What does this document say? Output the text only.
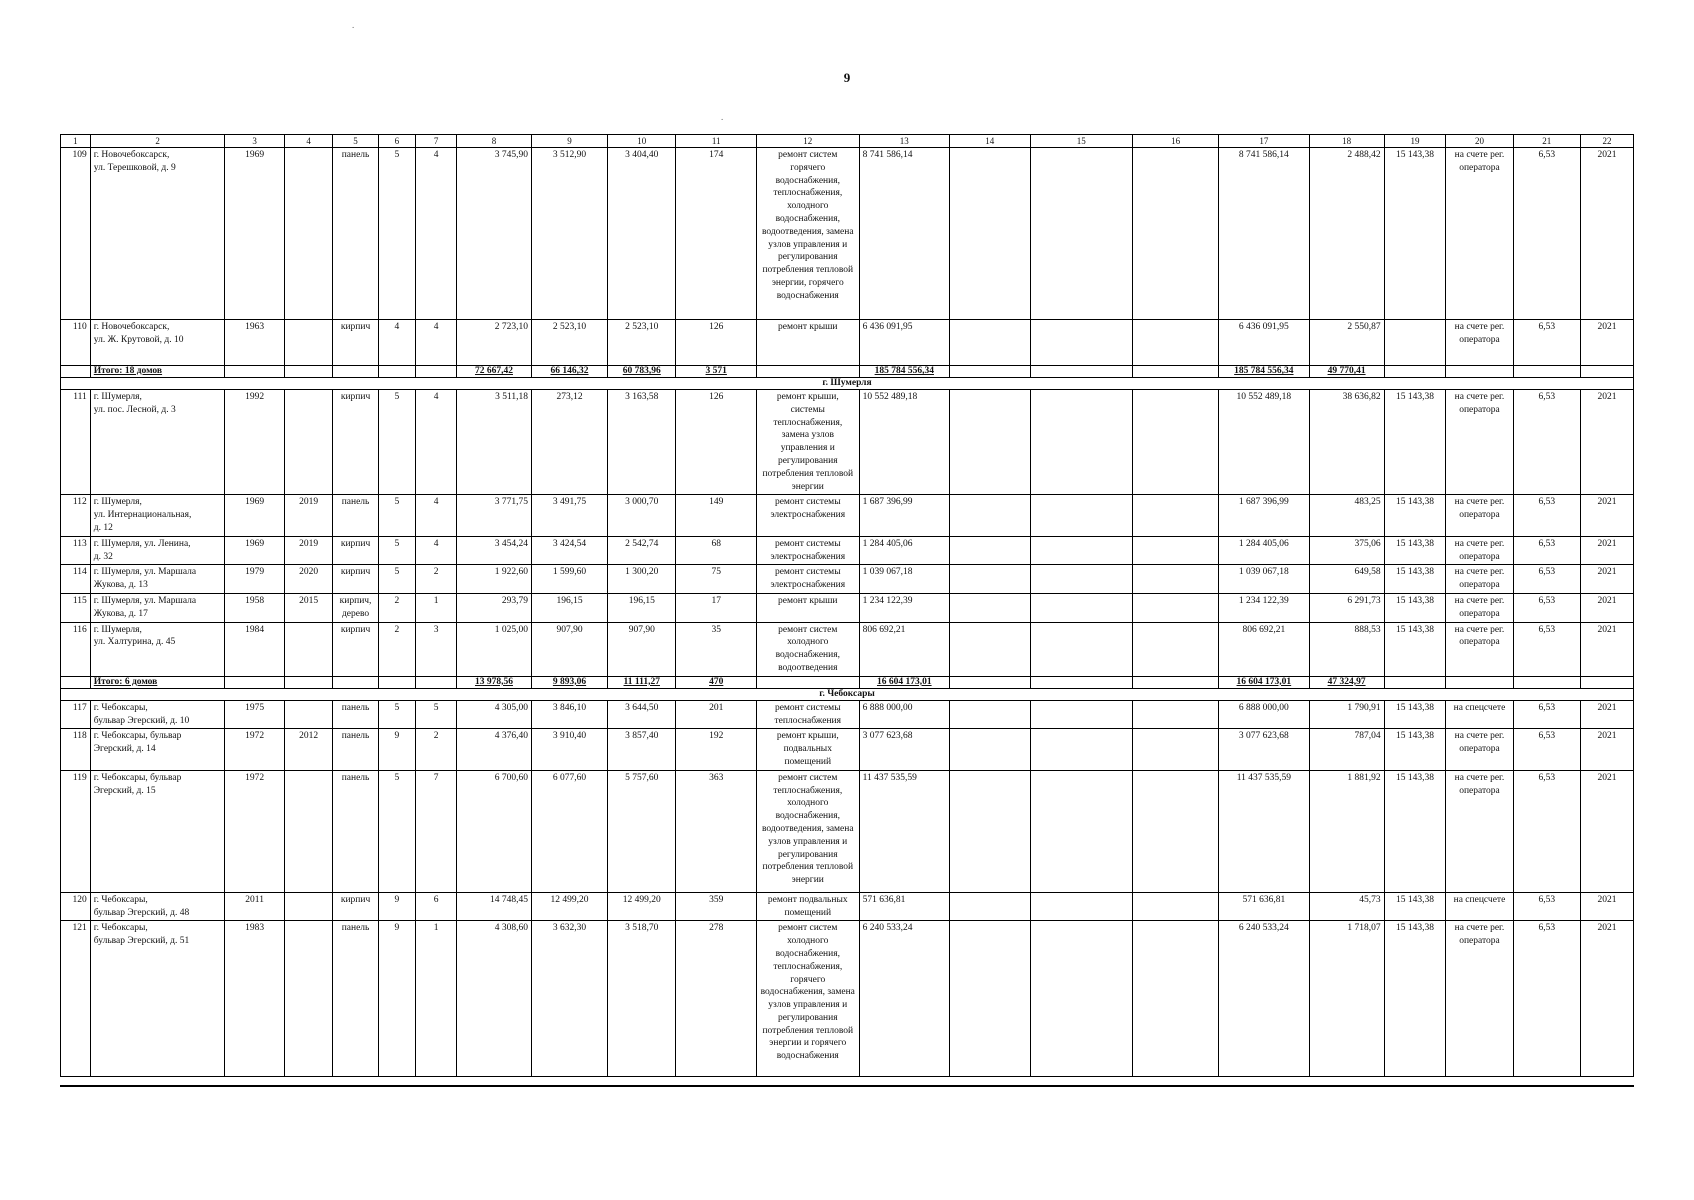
.
.
9
1	2	3	4	5	6	7	8	9	10	11	12	13	14	15	16	17	18	19	20	21	22
109	г. Новочебоксарск,
ул. Терешковой, д. 9	1969		панель	5	4	3 745,90	3 512,90	3 404,40	174	ремонт систем горячего водоснабжения, теплоснабжения, холодного водоснабжения, водоотведения, замена узлов управления и регулирования потребления тепловой энергии, горячего водоснабжения	8 741 586,14				8 741 586,14	2 488,42	15 143,38	на счете рег. оператора	6,53	2021
110	г. Новочебоксарск,
ул. Ж. Крутовой, д. 10	1963		кирпич	4	4	2 723,10	2 523,10	2 523,10	126	ремонт крыши	6 436 091,95				6 436 091,95	2 550,87		на счете рег. оператора	6,53	2021
	Итого: 18 домов						72 667,42	66 146,32	60 783,96	3 571		185 784 556,34				185 784 556,34	49 770,41				
г. Шумерля																					
111	г. Шумерля,
ул. пос. Лесной, д. 3	1992		кирпич	5	4	3 511,18	273,12	3 163,58	126	ремонт крыши, системы теплоснабжения, замена узлов управления и регулирования потребления тепловой энергии	10 552 489,18				10 552 489,18	38 636,82	15 143,38	на счете рег. оператора	6,53	2021
112	г. Шумерля,
ул. Интернациональная,
д. 12	1969	2019	панель	5	4	3 771,75	3 491,75	3 000,70	149	ремонт системы электроснабжения	1 687 396,99				1 687 396,99	483,25	15 143,38	на счете рег. оператора	6,53	2021
113	г. Шумерля, ул. Ленина,
д. 32	1969	2019	кирпич	5	4	3 454,24	3 424,54	2 542,74	68	ремонт системы электроснабжения	1 284 405,06				1 284 405,06	375,06	15 143,38	на счете рег. оператора	6,53	2021
114	г. Шумерля, ул. Маршала
Жукова, д. 13	1979	2020	кирпич	5	2	1 922,60	1 599,60	1 300,20	75	ремонт системы электроснабжения	1 039 067,18				1 039 067,18	649,58	15 143,38	на счете рег. оператора	6,53	2021
115	г. Шумерля, ул. Маршала
Жукова, д. 17	1958	2015	кирпич,
дерево	2	1	293,79	196,15	196,15	17	ремонт крыши	1 234 122,39				1 234 122,39	6 291,73	15 143,38	на счете рег. оператора	6,53	2021
116	г. Шумерля,
ул. Халтурина, д. 45	1984		кирпич	2	3	1 025,00	907,90	907,90	35	ремонт систем холодного водоснабжения, водоотведения	806 692,21				806 692,21	888,53	15 143,38	на счете рег. оператора	6,53	2021
	Итого: 6 домов						13 978,56	9 893,06	11 111,27	470		16 604 173,01				16 604 173,01	47 324,97				
г. Чебоксары																					
117	г. Чебоксары,
бульвар Эгерский, д. 10	1975		панель	5	5	4 305,00	3 846,10	3 644,50	201	ремонт системы теплоснабжения	6 888 000,00				6 888 000,00	1 790,91	15 143,38	на спецсчете	6,53	2021
118	г. Чебоксары, бульвар
Эгерский, д. 14	1972	2012	панель	9	2	4 376,40	3 910,40	3 857,40	192	ремонт крыши, подвальных помещений	3 077 623,68				3 077 623,68	787,04	15 143,38	на счете рег. оператора	6,53	2021
119	г. Чебоксары, бульвар
Эгерский, д. 15	1972		панель	5	7	6 700,60	6 077,60	5 757,60	363	ремонт систем теплоснабжения, холодного водоснабжения, водоотведения, замена узлов управления и регулирования потребления тепловой энергии	11 437 535,59				11 437 535,59	1 881,92	15 143,38	на счете рег. оператора	6,53	2021
120	г. Чебоксары,
бульвар Эгерский, д. 48	2011		кирпич	9	6	14 748,45	12 499,20	12 499,20	359	ремонт подвальных помещений	571 636,81				571 636,81	45,73	15 143,38	на спецсчете	6,53	2021
121	г. Чебоксары,
бульвар Эгерский, д. 51	1983		панель	9	1	4 308,60	3 632,30	3 518,70	278	ремонт систем холодного водоснабжения, теплоснабжения, горячего водоснабжения, замена узлов управления и регулирования потребления тепловой энергии и горячего водоснабжения	6 240 533,24				6 240 533,24	1 718,07	15 143,38	на счете рег. оператора	6,53	2021
